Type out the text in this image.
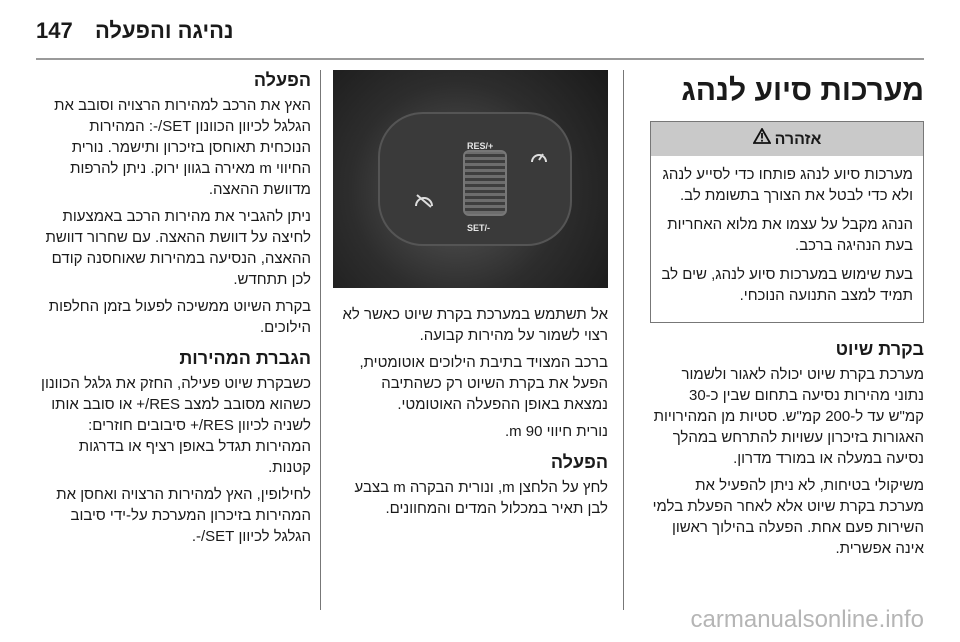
147 נהיגה והפעלה
מערכות סיוע לנהג
אזהרה

מערכות סיוע לנהג פותחו כדי לסייע לנהג ולא כדי לבטל את הצורך בתשומת לב.

הנהג מקבל על עצמו את מלוא האחריות בעת הנהיגה ברכב.

בעת שימוש במערכות סיוע לנהג, שים לב תמיד למצב התנועה הנוכחי.

בקרת שיוט

מערכת בקרת שיוט יכולה לאגור ולשמור נתוני מהירות נסיעה בתחום שבין כ-30 קמ"ש עד ל-200 קמ"ש. סטיות מן המהירויות האגורות בזיכרון עשויות להתרחש במהלך נסיעה במעלה או במורד מדרון.

משיקולי בטיחות, לא ניתן להפעיל את מערכת בקרת שיוט אלא לאחר הפעלת בלמי השירות פעם אחת. הפעלה בהילוך ראשון אינה אפשרית.

RES/+
SET/-

אל תשתמש במערכת בקרת שיוט כאשר לא רצוי לשמור על מהירות קבועה.

ברכב המצויד בתיבת הילוכים אוטומטית, הפעל את בקרת השיוט רק כשהתיבה נמצאת באופן ההפעלה האוטומטי.

נורית חיווי m 90.

הפעלה

לחץ על הלחצן m, ונורית הבקרה m בצבע לבן תאיר במכלול המדים והמחוונים.

הפעלה

האץ את הרכב למהירות הרצויה וסובב את הגלגל לכיוון הכוונון SET/-: המהירות הנוכחית תאוחסן בזיכרון ותישמר. נורית החיווי m מאירה בגוון ירוק. ניתן להרפות מדוושת ההאצה.

ניתן להגביר את מהירות הרכב באמצעות לחיצה על דוושת ההאצה. עם שחרור דוושת ההאצה, הנסיעה במהירות שאוחסנה קודם לכן תתחדש.

בקרת השיוט ממשיכה לפעול בזמן החלפות הילוכים.

הגברת המהירות

כשבקרת שיוט פעילה, החזק את גלגל הכוונון כשהוא מסובב למצב RES/+ או סובב אותו לשניה לכיוון RES/+ סיבובים חוזרים: המהירות תגדל באופן רציף או בדרגות קטנות.

לחילופין, האץ למהירות הרצויה ואחסן את המהירות בזיכרון המערכת על-ידי סיבוב הגלגל לכיוון SET/-.

carmanualsonline.info
